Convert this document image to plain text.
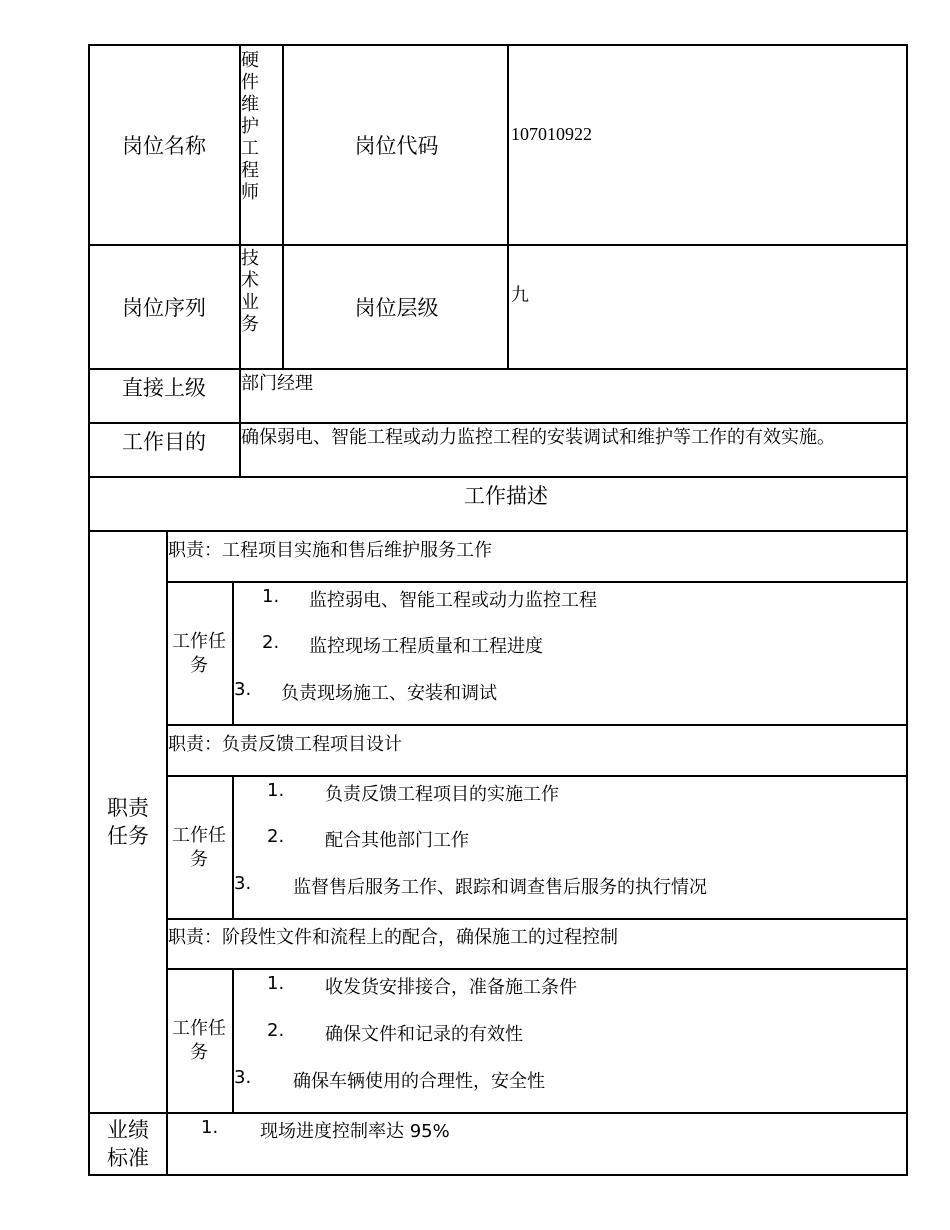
岗位名称
硬件维护工程师
岗位代码	107010922
岗位序列
技术业务
岗位层级
九
直接上级 部门经理
工作目的 确保弱电、智能工程或动力监控工程的安装调试和维护等工作的有效实施。
工作描述
职责任务
职责：工程项目实施和售后维护服务工作
工作任务
1. 监控弱电、智能工程或动力监控工程
2. 监控现场工程质量和工程进度
3. 负责现场施工、安装和调试
职责：负责反馈工程项目设计
工作任务
1. 负责反馈工程项目的实施工作
2. 配合其他部门工作
3. 监督售后服务工作、跟踪和调查售后服务的执行情况
职责：阶段性文件和流程上的配合，确保施工的过程控制
工作任务
1. 收发货安排接合，准备施工条件
2. 确保文件和记录的有效性
3. 确保车辆使用的合理性，安全性
业绩标准
1. 现场进度控制率达 95%
